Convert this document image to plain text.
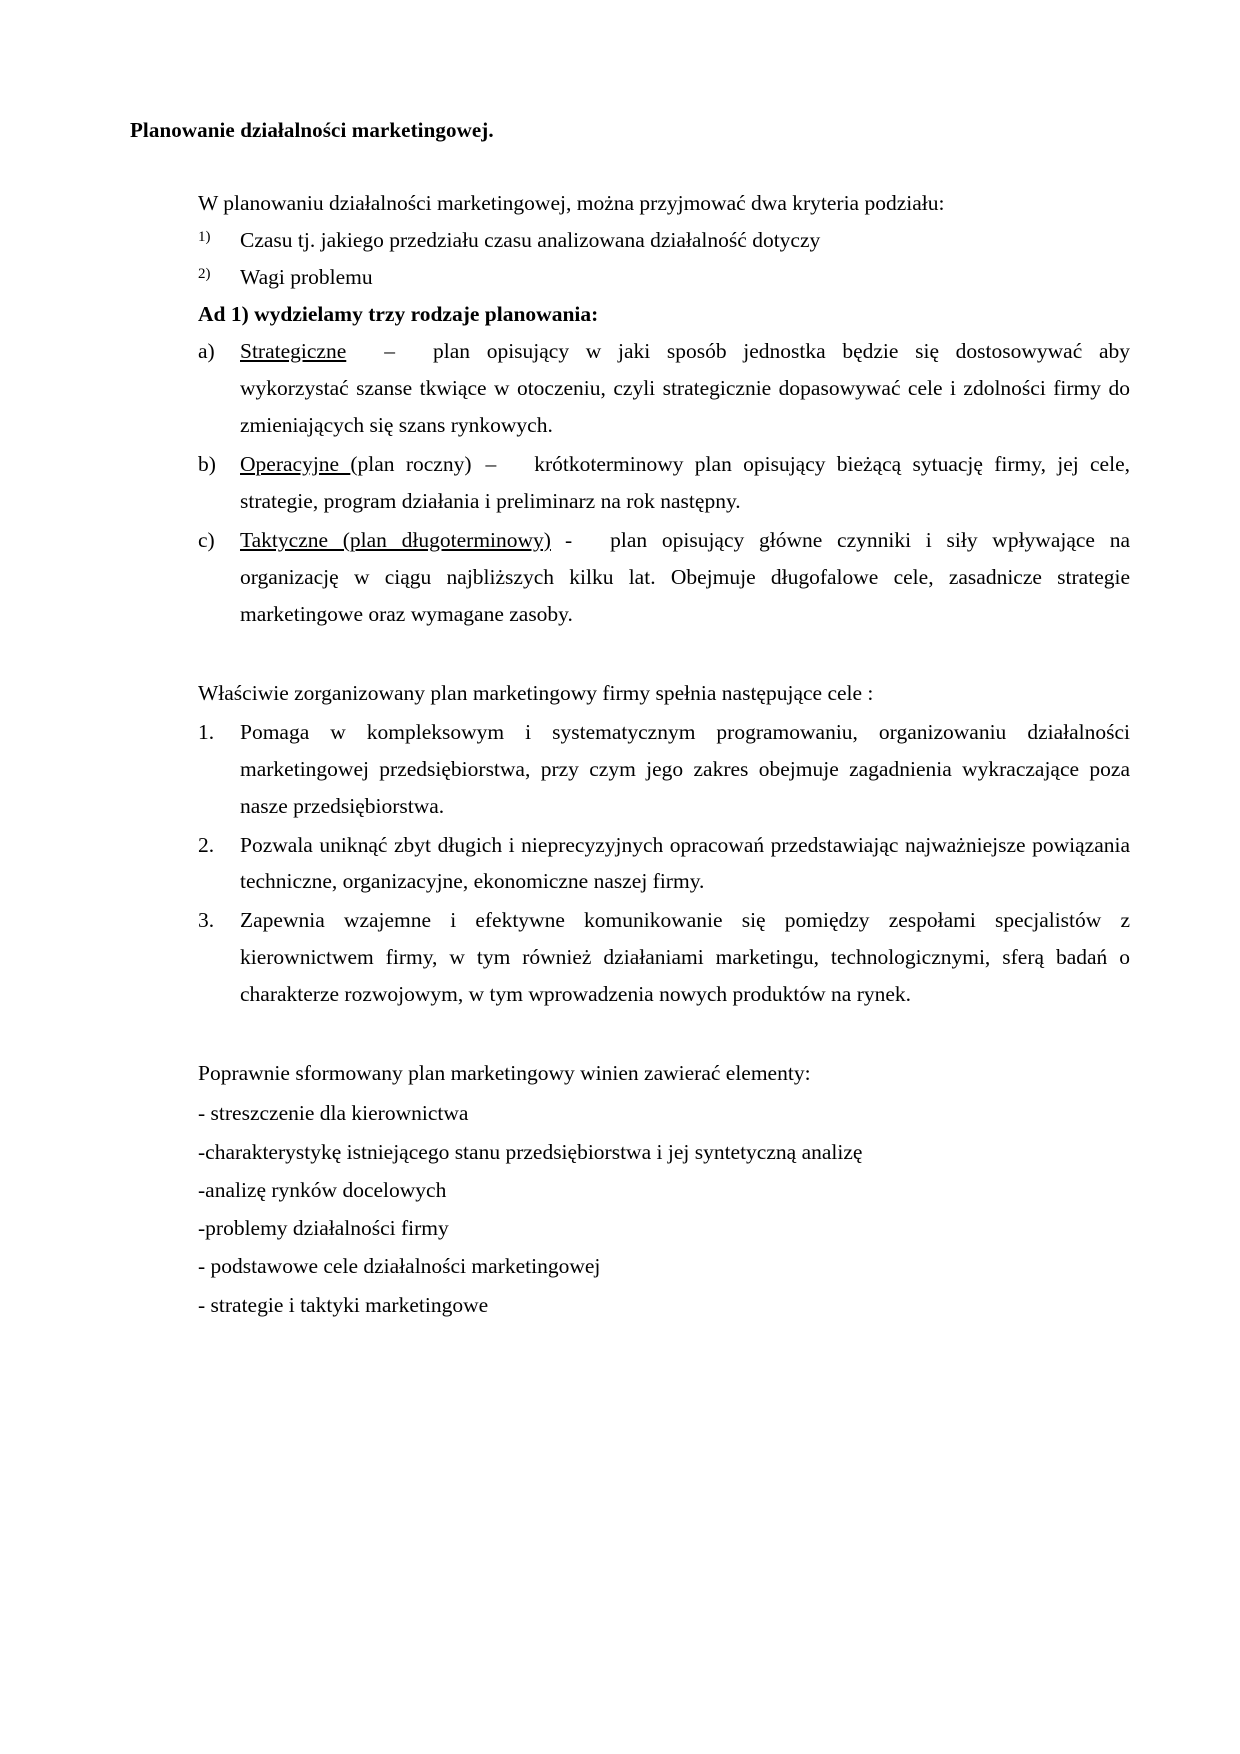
Planowanie działalności marketingowej.

W planowaniu działalności marketingowej, można przyjmować dwa kryteria podziału:

1) Czasu tj. jakiego przedziału czasu analizowana działalność dotyczy
2) Wagi problemu

Ad 1) wydzielamy trzy rodzaje planowania:

a) Strategiczne – plan opisujący w jaki sposób jednostka będzie się dostosowywać aby wykorzystać szanse tkwiące w otoczeniu, czyli strategicznie dopasowywać cele i zdolności firmy do zmieniających się szans rynkowych.
b) Operacyjne (plan roczny) – krótkoterminowy plan opisujący bieżącą sytuację firmy, jej cele, strategie, program działania i preliminarz na rok następny.
c) Taktyczne (plan długoterminowy) - plan opisujący główne czynniki i siły wpływające na organizację w ciągu najbliższych kilku lat. Obejmuje długofalowe cele, zasadnicze strategie marketingowe oraz wymagane zasoby.

Właściwie zorganizowany plan marketingowy firmy spełnia następujące cele :

1. Pomaga w kompleksowym i systematycznym programowaniu, organizowaniu działalności marketingowej przedsiębiorstwa, przy czym jego zakres obejmuje zagadnienia wykraczające poza nasze przedsiębiorstwa.
2. Pozwala uniknąć zbyt długich i nieprecyzyjnych opracowań przedstawiając najważniejsze powiązania techniczne, organizacyjne, ekonomiczne naszej firmy.
3. Zapewnia wzajemne i efektywne komunikowanie się pomiędzy zespołami specjalistów z kierownictwem firmy, w tym również działaniami marketingu, technologicznymi, sferą badań o charakterze rozwojowym, w tym wprowadzenia nowych produktów na rynek.

Poprawnie sformowany plan marketingowy winien zawierać elementy:

- streszczenie dla kierownictwa
-charakterystykę istniejącego stanu przedsiębiorstwa i jej syntetyczną analizę
-analizę rynków docelowych
-problemy działalności firmy
- podstawowe cele działalności marketingowej
- strategie i taktyki marketingowe
